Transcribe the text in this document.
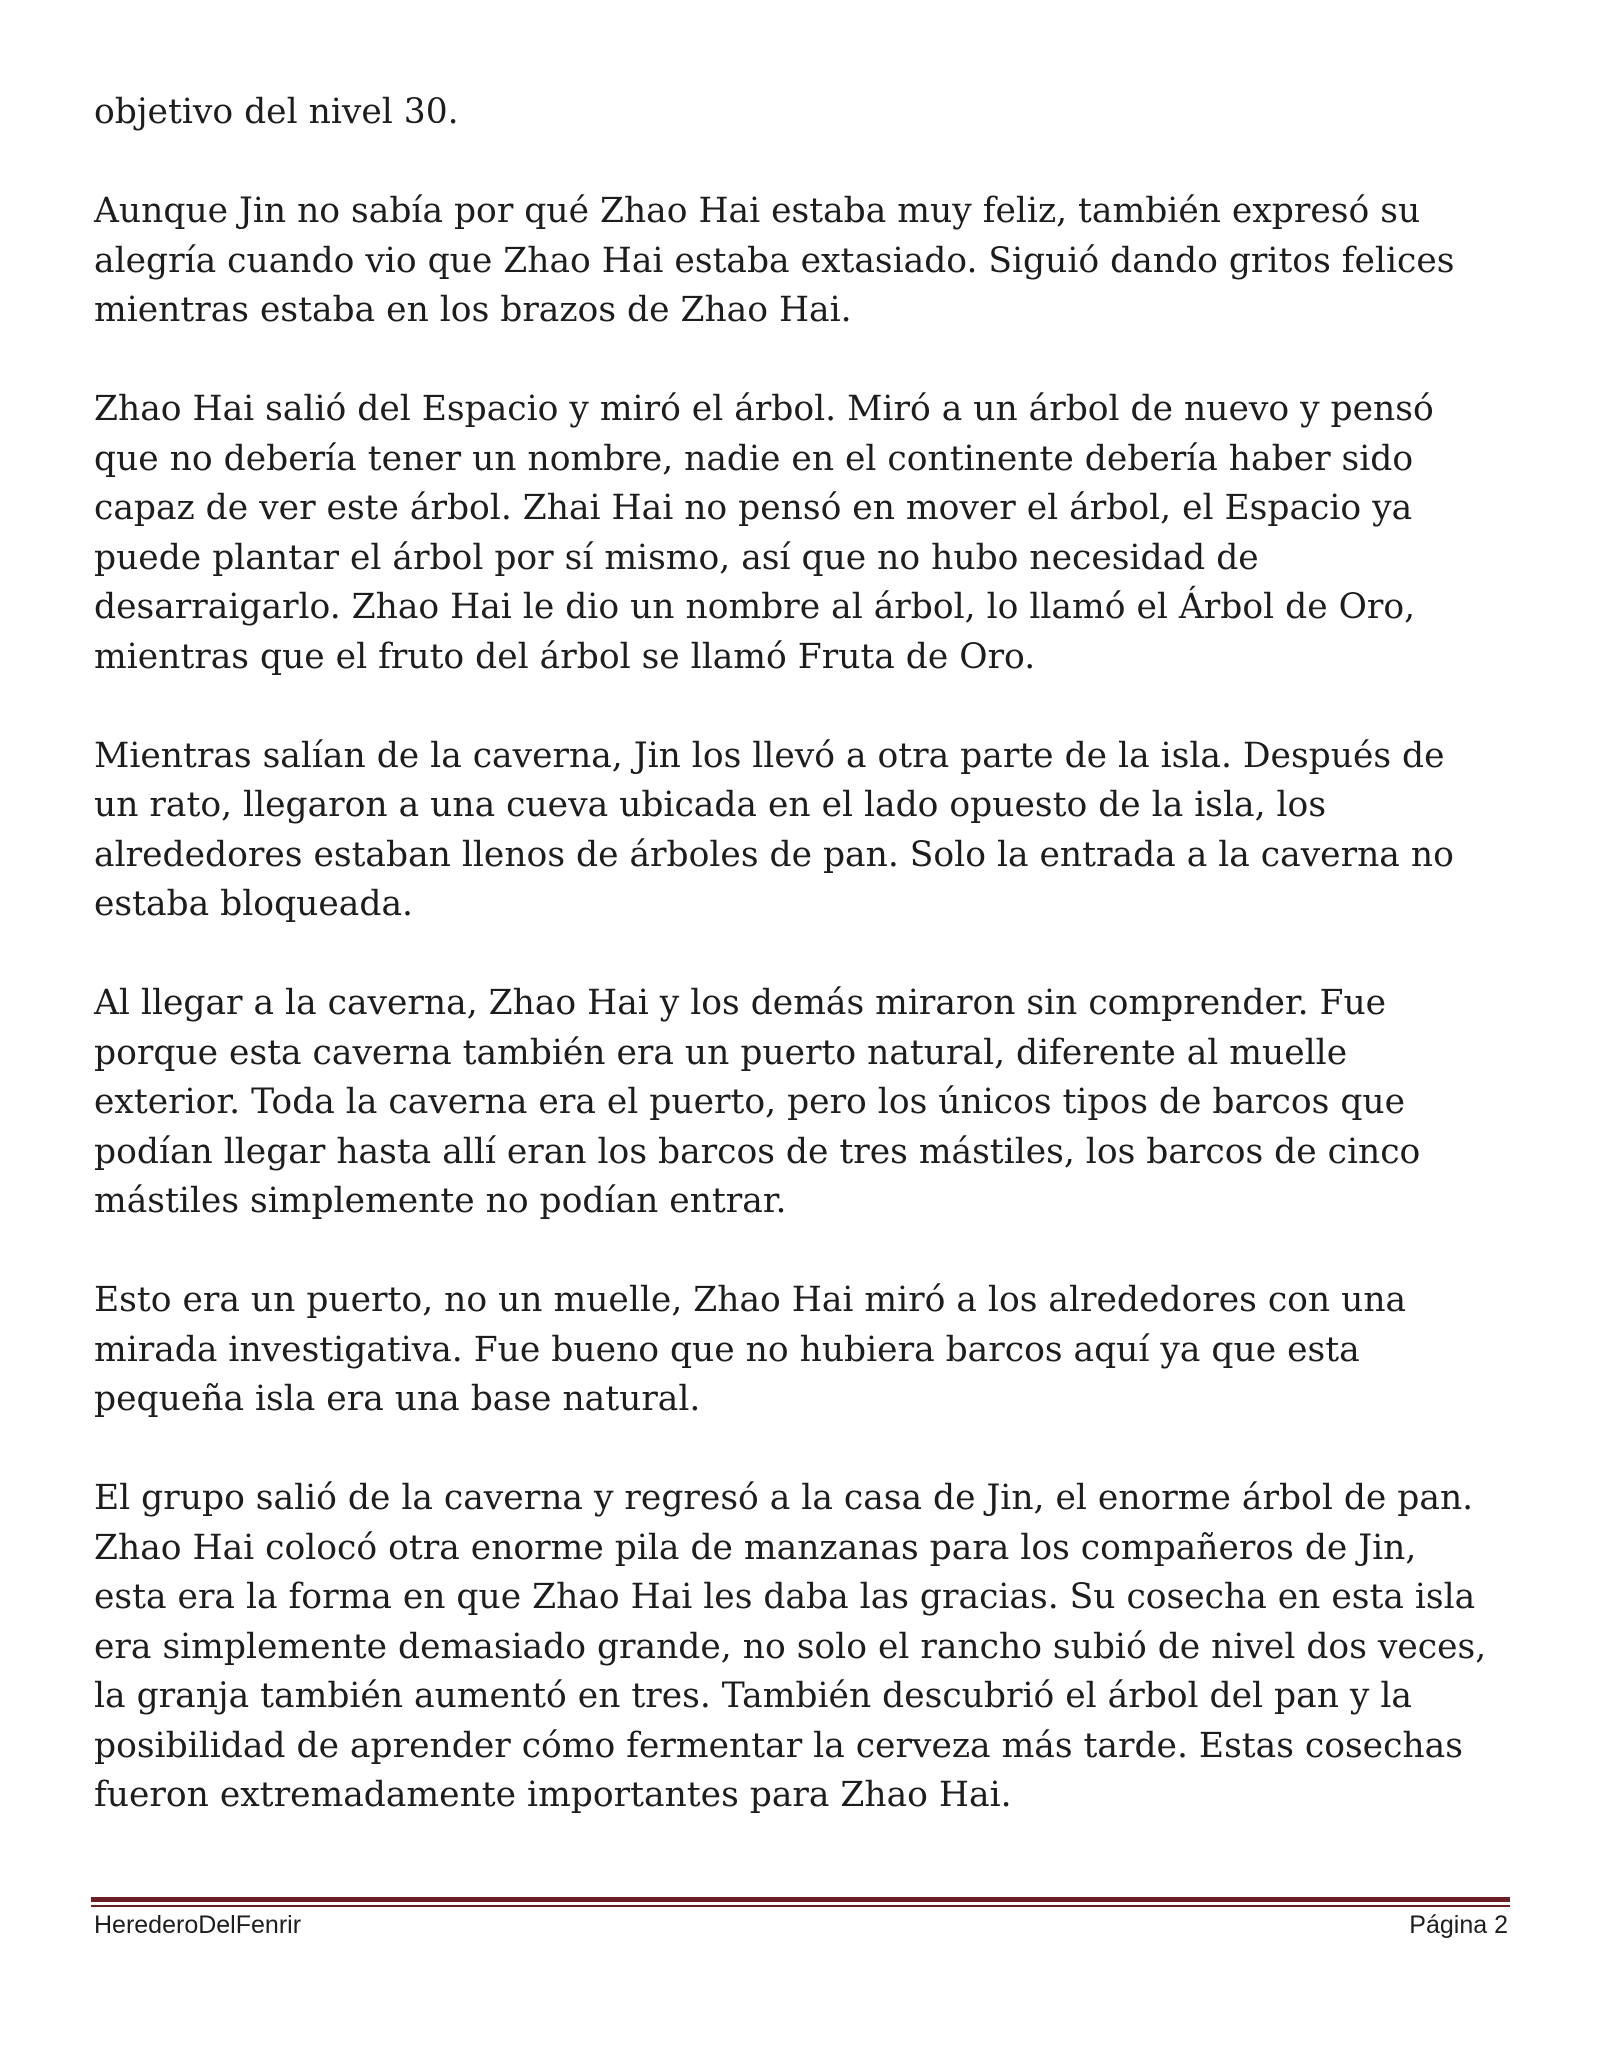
objetivo del nivel 30.

Aunque Jin no sabía por qué Zhao Hai estaba muy feliz, también expresó su
alegría cuando vio que Zhao Hai estaba extasiado. Siguió dando gritos felices
mientras estaba en los brazos de Zhao Hai.

Zhao Hai salió del Espacio y miró el árbol. Miró a un árbol de nuevo y pensó
que no debería tener un nombre, nadie en el continente debería haber sido
capaz de ver este árbol. Zhai Hai no pensó en mover el árbol, el Espacio ya
puede plantar el árbol por sí mismo, así que no hubo necesidad de
desarraigarlo. Zhao Hai le dio un nombre al árbol, lo llamó el Árbol de Oro,
mientras que el fruto del árbol se llamó Fruta de Oro.

Mientras salían de la caverna, Jin los llevó a otra parte de la isla. Después de
un rato, llegaron a una cueva ubicada en el lado opuesto de la isla, los
alrededores estaban llenos de árboles de pan. Solo la entrada a la caverna no
estaba bloqueada.

Al llegar a la caverna, Zhao Hai y los demás miraron sin comprender. Fue
porque esta caverna también era un puerto natural, diferente al muelle
exterior. Toda la caverna era el puerto, pero los únicos tipos de barcos que
podían llegar hasta allí eran los barcos de tres mástiles, los barcos de cinco
mástiles simplemente no podían entrar.

Esto era un puerto, no un muelle, Zhao Hai miró a los alrededores con una
mirada investigativa. Fue bueno que no hubiera barcos aquí ya que esta
pequeña isla era una base natural.

El grupo salió de la caverna y regresó a la casa de Jin, el enorme árbol de pan.
Zhao Hai colocó otra enorme pila de manzanas para los compañeros de Jin,
esta era la forma en que Zhao Hai les daba las gracias. Su cosecha en esta isla
era simplemente demasiado grande, no solo el rancho subió de nivel dos veces,
la granja también aumentó en tres. También descubrió el árbol del pan y la
posibilidad de aprender cómo fermentar la cerveza más tarde. Estas cosechas
fueron extremadamente importantes para Zhao Hai.

HerederoDelFenrir	Página 2
